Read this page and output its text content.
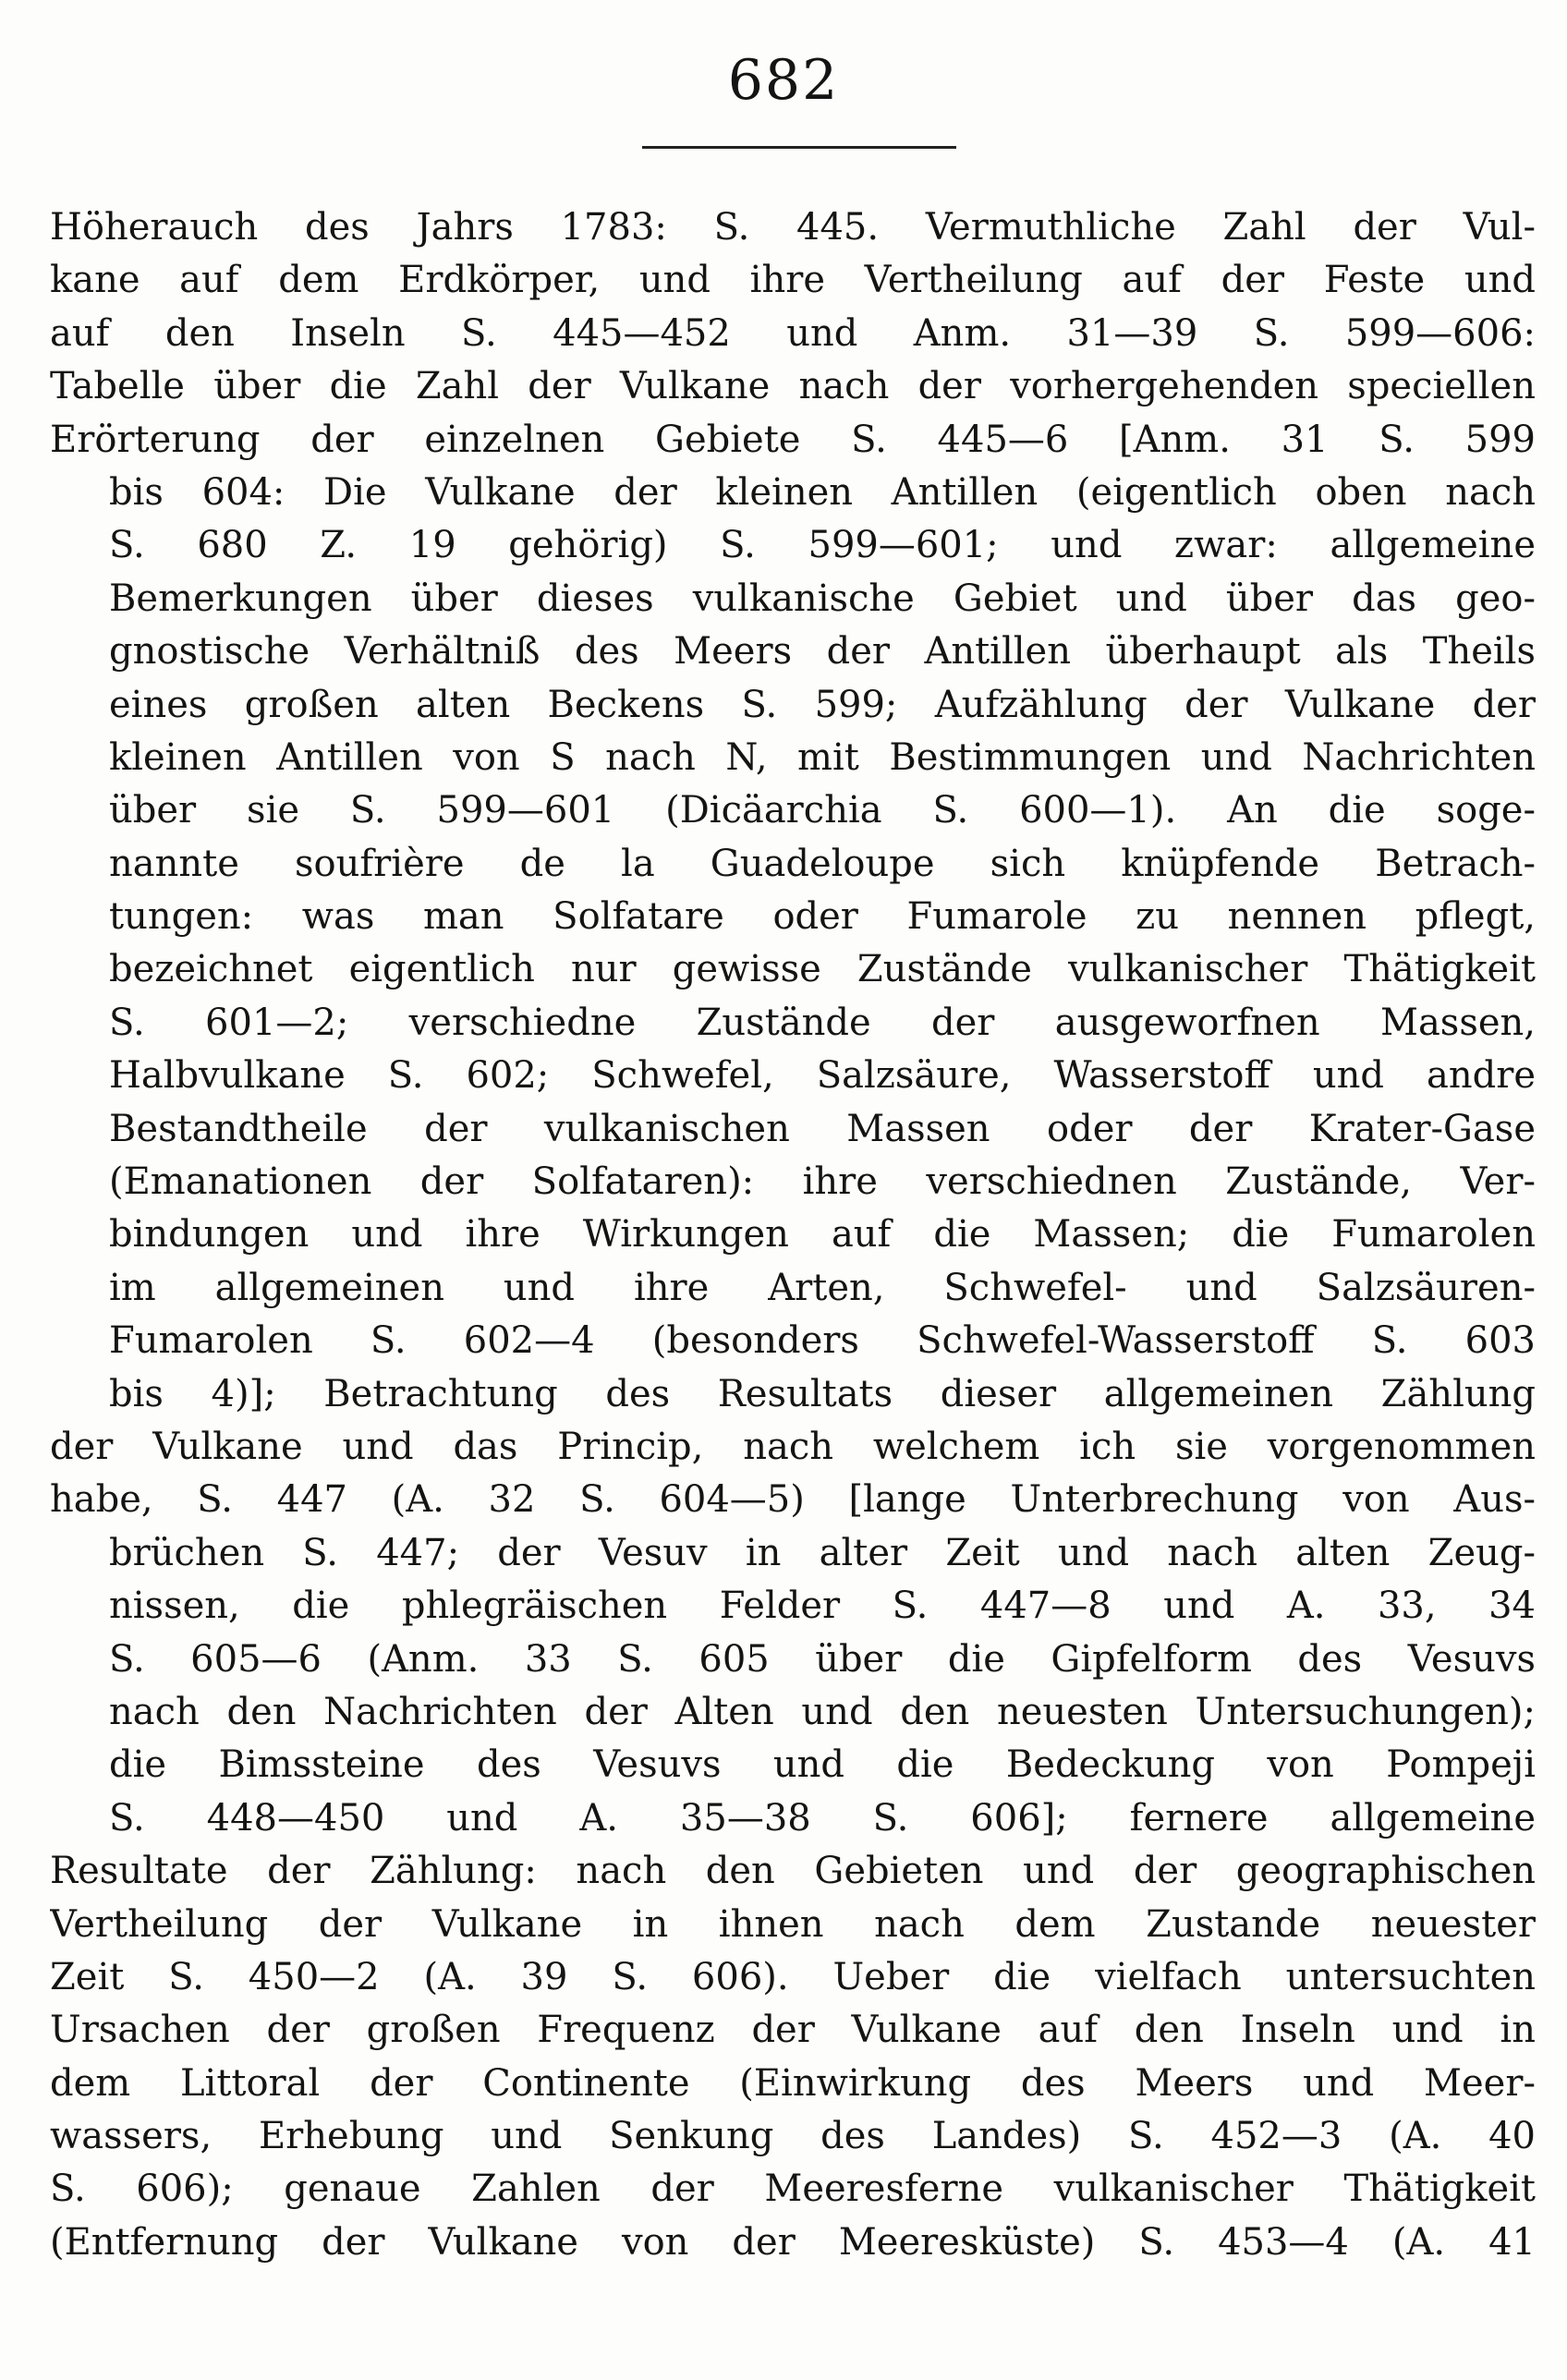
682
Höherauch des Jahrs 1783: S. 445. Vermuthliche Zahl der Vul-
kane auf dem Erdkörper, und ihre Vertheilung auf der Feste und
auf den Inseln S. 445—452 und Anm. 31—39 S. 599—606:
Tabelle über die Zahl der Vulkane nach der vorhergehenden speciellen
Erörterung der einzelnen Gebiete S. 445—6 [Anm. 31 S. 599
bis 604: Die Vulkane der kleinen Antillen (eigentlich oben nach
S. 680 Z. 19 gehörig) S. 599—601; und zwar: allgemeine
Bemerkungen über dieses vulkanische Gebiet und über das geo-
gnostische Verhältniß des Meers der Antillen überhaupt als Theils
eines großen alten Beckens S. 599; Aufzählung der Vulkane der
kleinen Antillen von S nach N, mit Bestimmungen und Nachrichten
über sie S. 599—601 (Dicäarchia S. 600—1). An die soge-
nannte soufrière de la Guadeloupe sich knüpfende Betrach-
tungen: was man Solfatare oder Fumarole zu nennen pflegt,
bezeichnet eigentlich nur gewisse Zustände vulkanischer Thätigkeit
S. 601—2; verschiedne Zustände der ausgeworfnen Massen,
Halbvulkane S. 602; Schwefel, Salzsäure, Wasserstoff und andre
Bestandtheile der vulkanischen Massen oder der Krater-Gase
(Emanationen der Solfataren): ihre verschiednen Zustände, Ver-
bindungen und ihre Wirkungen auf die Massen; die Fumarolen
im allgemeinen und ihre Arten, Schwefel- und Salzsäuren-
Fumarolen S. 602—4 (besonders Schwefel-Wasserstoff S. 603
bis 4)]; Betrachtung des Resultats dieser allgemeinen Zählung
der Vulkane und das Princip, nach welchem ich sie vorgenommen
habe, S. 447 (A. 32 S. 604—5) [lange Unterbrechung von Aus-
brüchen S. 447; der Vesuv in alter Zeit und nach alten Zeug-
nissen, die phlegräischen Felder S. 447—8 und A. 33, 34
S. 605—6 (Anm. 33 S. 605 über die Gipfelform des Vesuvs
nach den Nachrichten der Alten und den neuesten Untersuchungen);
die Bimssteine des Vesuvs und die Bedeckung von Pompeji
S. 448—450 und A. 35—38 S. 606]; fernere allgemeine
Resultate der Zählung: nach den Gebieten und der geographischen
Vertheilung der Vulkane in ihnen nach dem Zustande neuester
Zeit S. 450—2 (A. 39 S. 606). Ueber die vielfach untersuchten
Ursachen der großen Frequenz der Vulkane auf den Inseln und in
dem Littoral der Continente (Einwirkung des Meers und Meer-
wassers, Erhebung und Senkung des Landes) S. 452—3 (A. 40
S. 606); genaue Zahlen der Meeresferne vulkanischer Thätigkeit
(Entfernung der Vulkane von der Meeresküste) S. 453—4 (A. 41
